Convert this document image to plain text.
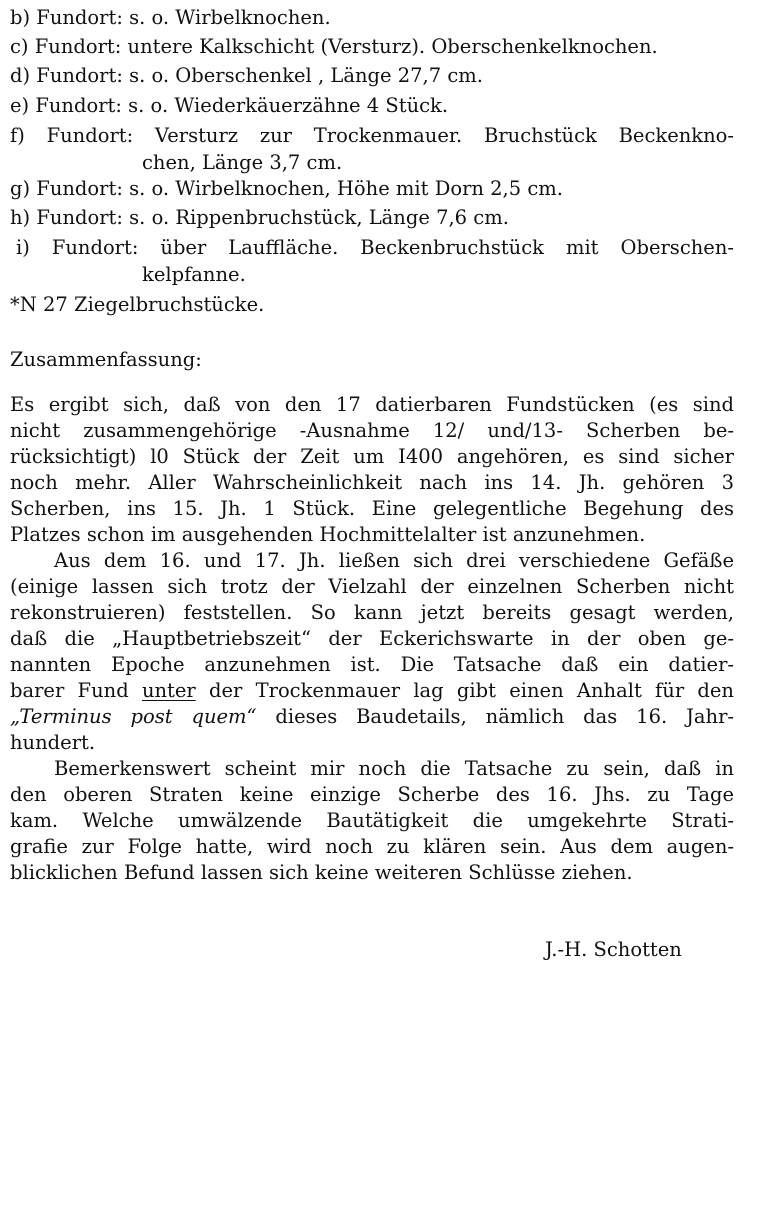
b) Fundort: s. o. Wirbelknochen.
c) Fundort: untere Kalkschicht (Versturz). Oberschenkelknochen.
d) Fundort: s. o. Oberschenkel , Länge 27,7 cm.
e) Fundort: s. o. Wiederkäuerzähne 4 Stück.
f) Fundort: Versturz zur Trockenmauer. Bruchstück Beckenkno-
chen, Länge 3,7 cm.
g) Fundort: s. o. Wirbelknochen, Höhe mit Dorn 2,5 cm.
h) Fundort: s. o. Rippenbruchstück, Länge 7,6 cm.
i) Fundort: über Lauffläche. Beckenbruchstück mit Oberschen-
kelpfanne.
*N 27 Ziegelbruchstücke.
Zusammenfassung:
Es ergibt sich, daß von den 17 datierbaren Fundstücken (es sind
nicht zusammengehörige -Ausnahme 12/ und/13- Scherben be-
rücksichtigt) l0 Stück der Zeit um I400 angehören, es sind sicher
noch mehr. Aller Wahrscheinlichkeit nach ins 14. Jh. gehören 3
Scherben, ins 15. Jh. 1 Stück. Eine gelegentliche Begehung des
Platzes schon im ausgehenden Hochmittelalter ist anzunehmen.
Aus dem 16. und 17. Jh. ließen sich drei verschiedene Gefäße
(einige lassen sich trotz der Vielzahl der einzelnen Scherben nicht
rekonstruieren) feststellen. So kann jetzt bereits gesagt werden,
daß die „Hauptbetriebszeit“ der Eckerichswarte in der oben ge-
nannten Epoche anzunehmen ist. Die Tatsache daß ein datier-
barer Fund unter der Trockenmauer lag gibt einen Anhalt für den
„Terminus post quem“ dieses Baudetails, nämlich das 16. Jahr-
hundert.
Bemerkenswert scheint mir noch die Tatsache zu sein, daß in
den oberen Straten keine einzige Scherbe des 16. Jhs. zu Tage
kam. Welche umwälzende Bautätigkeit die umgekehrte Strati-
grafie zur Folge hatte, wird noch zu klären sein. Aus dem augen-
blicklichen Befund lassen sich keine weiteren Schlüsse ziehen.
J.-H. Schotten
